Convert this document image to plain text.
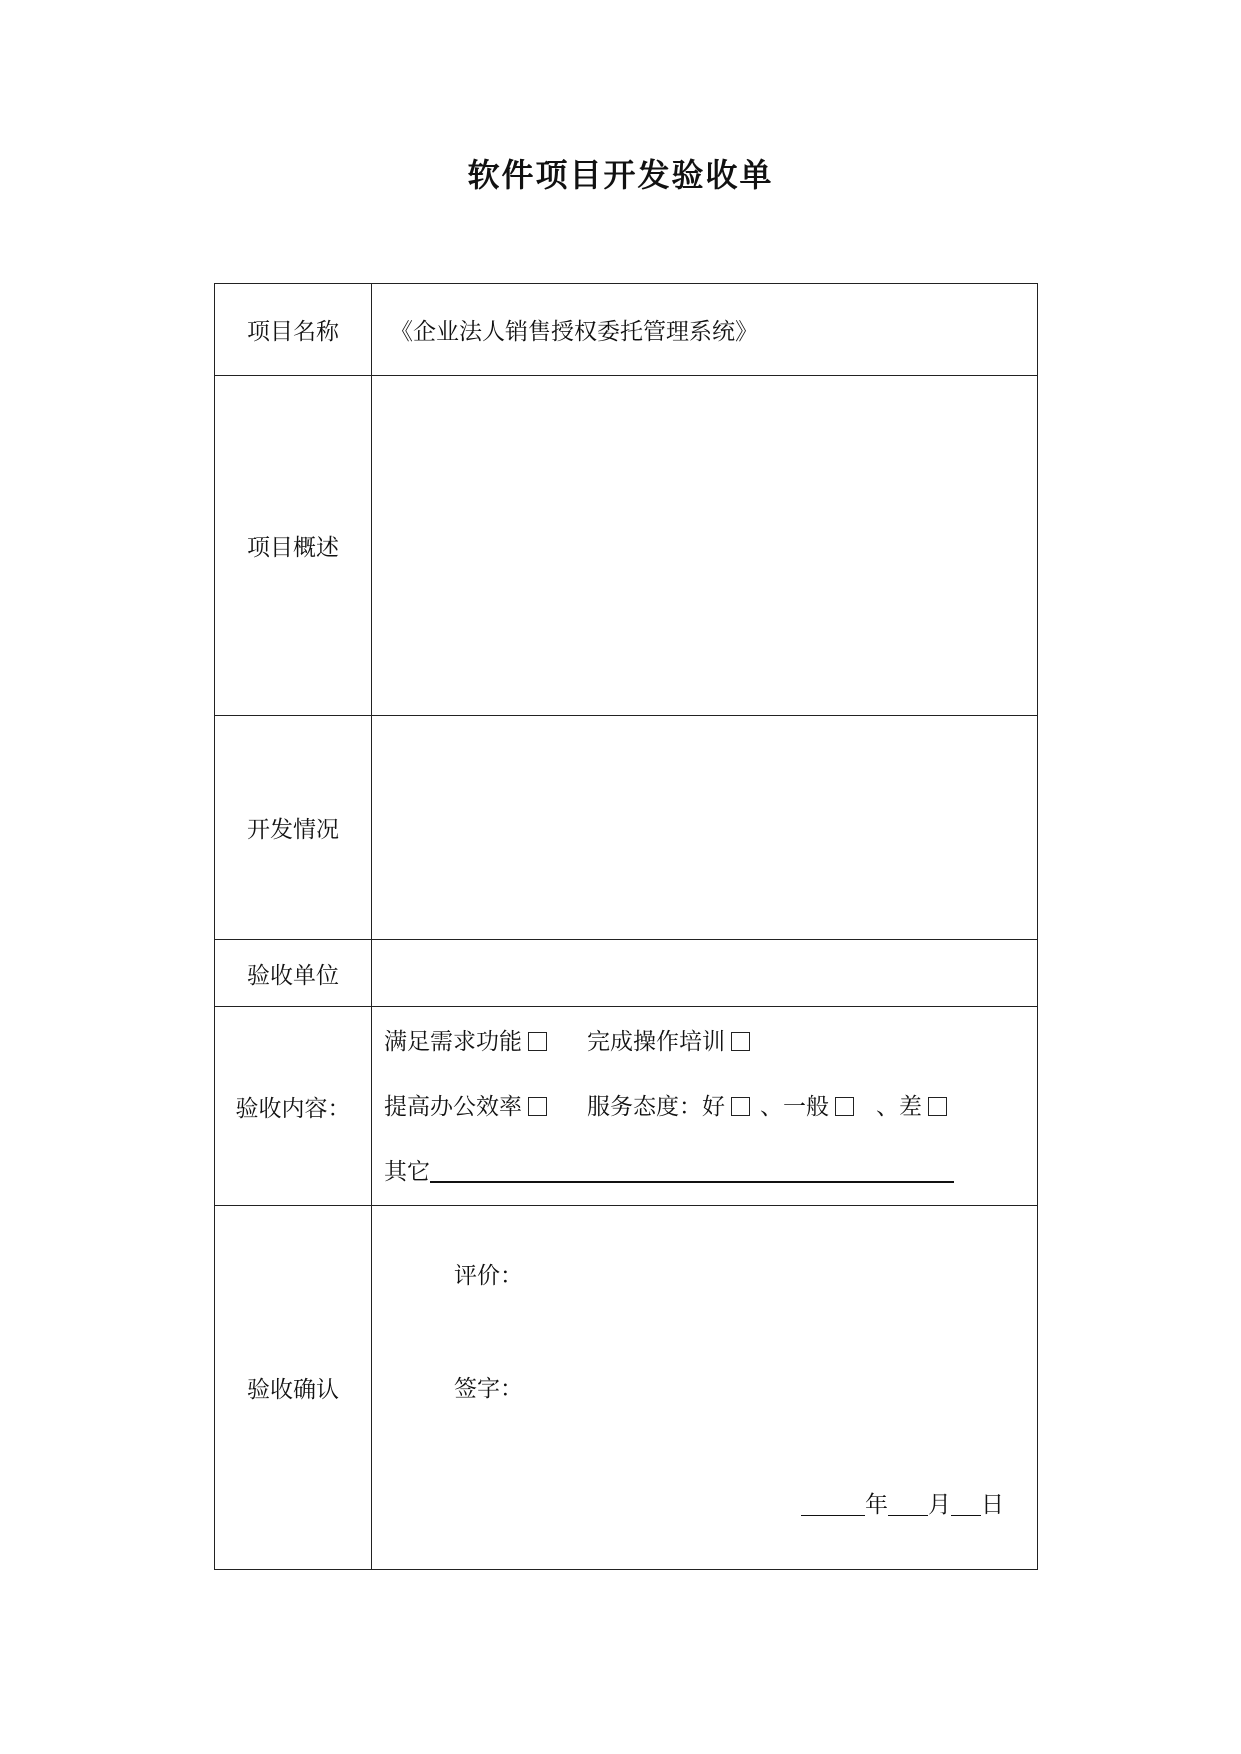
软件项目开发验收单
项目名称	《企业法人销售授权委托管理系统》

项目概述	
开发情况	
验收单位	
验收内容：	满足需求功能 完成操作培训
提高办公效率 服务态度：好 、一般 、差
其它

验收确认	评价：
签字：
年 月 日
